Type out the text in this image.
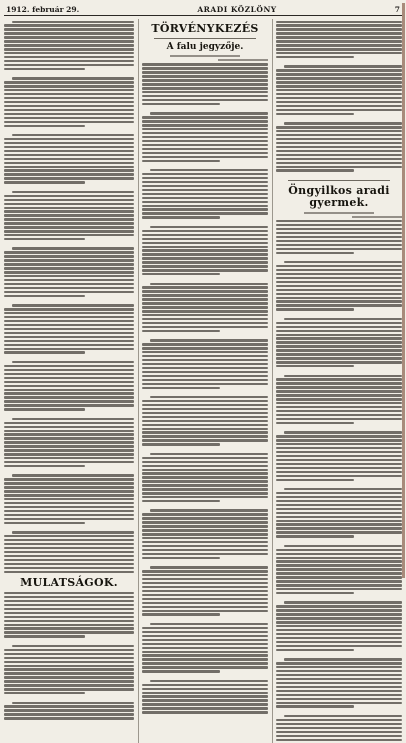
1912. február 29.	ARADI KÖZLÖNY	7
MULATSÁGOK.
TÖRVÉNYKEZÉS
A falu jegyzője.
Öngyilkos aradi gyermek.
